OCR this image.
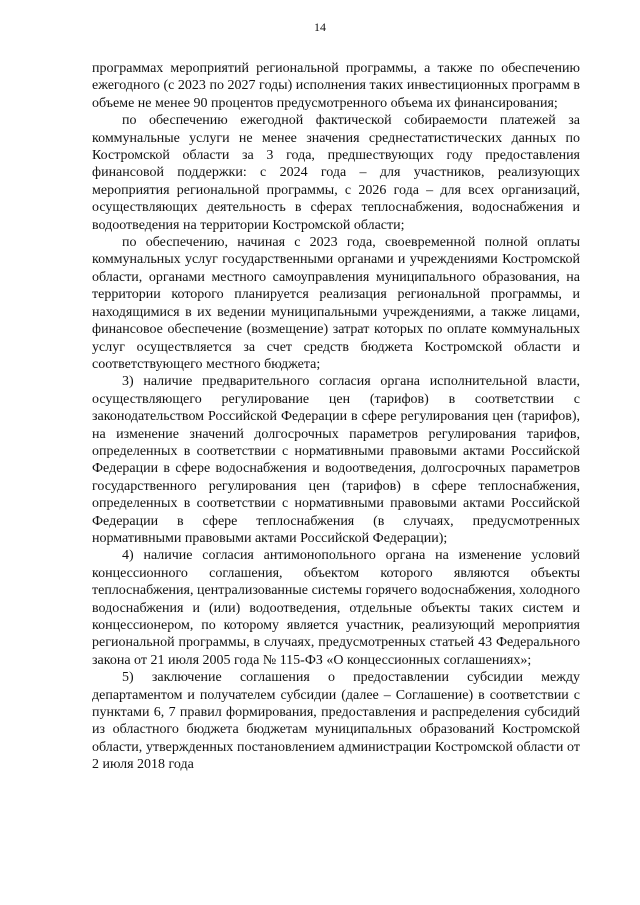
14

программах мероприятий региональной программы, а также по обеспечению ежегодного (с 2023 по 2027 годы) исполнения таких инвестиционных программ в объеме не менее 90 процентов предусмотренного объема их финансирования;

по обеспечению ежегодной фактической собираемости платежей за коммунальные услуги не менее значения среднестатистических данных по Костромской области за 3 года, предшествующих году предоставления финансовой поддержки: с 2024 года – для участников, реализующих мероприятия региональной программы, с 2026 года – для всех организаций, осуществляющих деятельность в сферах теплоснабжения, водоснабжения и водоотведения на территории Костромской области;

по обеспечению, начиная с 2023 года, своевременной полной оплаты коммунальных услуг государственными органами и учреждениями Костромской области, органами местного самоуправления муниципального образования, на территории которого планируется реализация региональной программы, и находящимися в их ведении муниципальными учреждениями, а также лицами, финансовое обеспечение (возмещение) затрат которых по оплате коммунальных услуг осуществляется за счет средств бюджета Костромской области и соответствующего местного бюджета;

3) наличие предварительного согласия органа исполнительной власти, осуществляющего регулирование цен (тарифов) в соответствии с законодательством Российской Федерации в сфере регулирования цен (тарифов), на изменение значений долгосрочных параметров регулирования тарифов, определенных в соответствии с нормативными правовыми актами Российской Федерации в сфере водоснабжения и водоотведения, долгосрочных параметров государственного регулирования цен (тарифов) в сфере теплоснабжения, определенных в соответствии с нормативными правовыми актами Российской Федерации в сфере теплоснабжения (в случаях, предусмотренных нормативными правовыми актами Российской Федерации);

4) наличие согласия антимонопольного органа на изменение условий концессионного соглашения, объектом которого являются объекты теплоснабжения, централизованные системы горячего водоснабжения, холодного водоснабжения и (или) водоотведения, отдельные объекты таких систем и концессионером, по которому является участник, реализующий мероприятия региональной программы, в случаях, предусмотренных статьей 43 Федерального закона от 21 июля 2005 года № 115-ФЗ «О концессионных соглашениях»;

5) заключение соглашения о предоставлении субсидии между департаментом и получателем субсидии (далее – Соглашение) в соответствии с пунктами 6, 7 правил формирования, предоставления и распределения субсидий из областного бюджета бюджетам муниципальных образований Костромской области, утвержденных постановлением администрации Костромской области от 2 июля 2018 года
